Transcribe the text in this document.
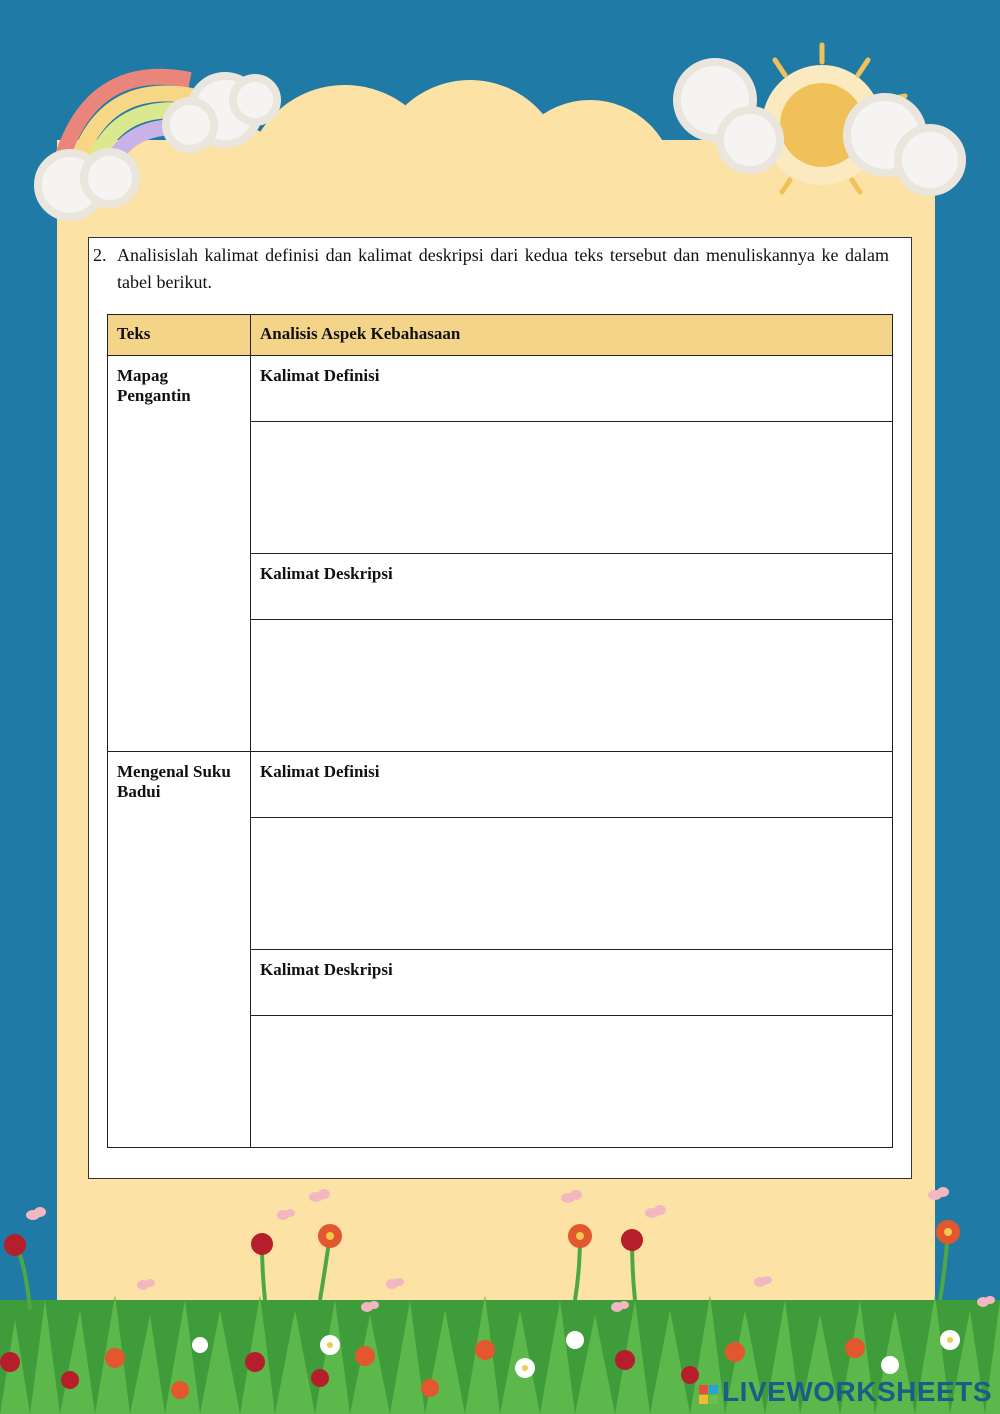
2. Analisislah kalimat definisi dan kalimat deskripsi dari kedua teks tersebut dan menuliskannya ke dalam tabel berikut.
Teks	Analisis Aspek Kebahasaan
Mapag Pengantin	Kalimat Definisi

	Kalimat Deskripsi

Mengenal Suku Badui	Kalimat Definisi

	Kalimat Deskripsi

LIVEWORKSHEETS
